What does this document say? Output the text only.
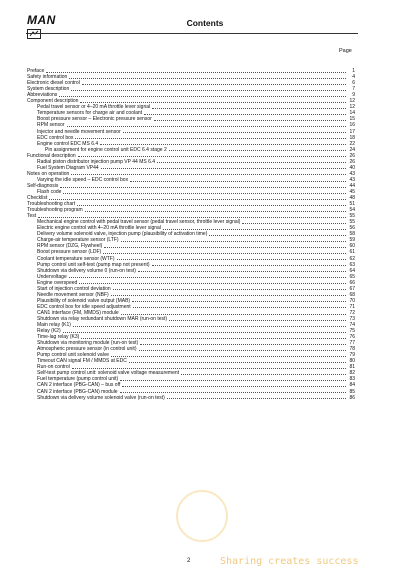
MAN	Contents
Page
Preface	1
Safety information	4
Electronic diesel control	6
System description	7
Abbreviations	9
Component description	12
Pedal travel sensor or 4–20 mA throttle lever signal	12
Temperature sensors for charge air and coolant	14
Boost pressure sensor – Electronic pressure sensor	15
RPM sensor	16
Injector and needle movement sensor	17
EDC control box	18
Engine control EDC MS 6.4	22
Pin assignment for engine control unit EDC 6.4 stage 2	24
Functional description	26
Radial piston distributor injection pump VP 44 MS 6.4	26
Fuel System Diagram VP44	40
Notes on operation	43
Varying the idle speed – EDC control box	43
Self-diagnosis	44
Flash code	45
Checklist	48
Troubleshooting chart	51
Troubleshooting program	54
Test	55
Mechanical engine control with pedal travel sensor (pedal travel sensor, throttle lever signal)	55
Electric engine control with 4–20 mA throttle lever signal	56
Delivery volume solenoid valve, injection pump (plausibility of activation time)	58
Charge-air temperature sensor (LTF)	59
RPM sensor (DZG, Flywheel)	60
Boost pressure sensor (LDF)	61
Coolant temperature sensor (WTF)	62
Pump control unit self-test (pump map not present)	63
Shutdown via delivery volume 0 (run-on test)	64
Undervoltage	65
Engine overspeed	66
Start of injection control deviation	67
Needle movement sensor (NBF)	68
Plausibility of solenoid valve output (MAB)	70
EDC control box for idle speed adjustment	71
CAN1 interface (FM, MMDS) module	72
Shutdown via relay redundant shutdown MAR (run-on test)	73
Main relay (K1)	74
Relay (K2)	75
Time-lag relay (K3)	76
Shutdown via monitoring module (run-on test)	77
Atmospheric pressure sensor (in control unit)	78
Pump control unit solenoid valve	79
Timeout CAN signal FM / MMDS at EDC	80
Run-on control	81
Self-test pump control unit: solenoid valve voltage measurement	82
Fuel temperature (pump control unit)	83
CAN 2 interface (PBG-CAN) – bus off	84
CAN 2 interface (PBG-CAN) module	85
Shutdown via delivery volume solenoid valve (run-on test)	86
2	Sharing creates success
